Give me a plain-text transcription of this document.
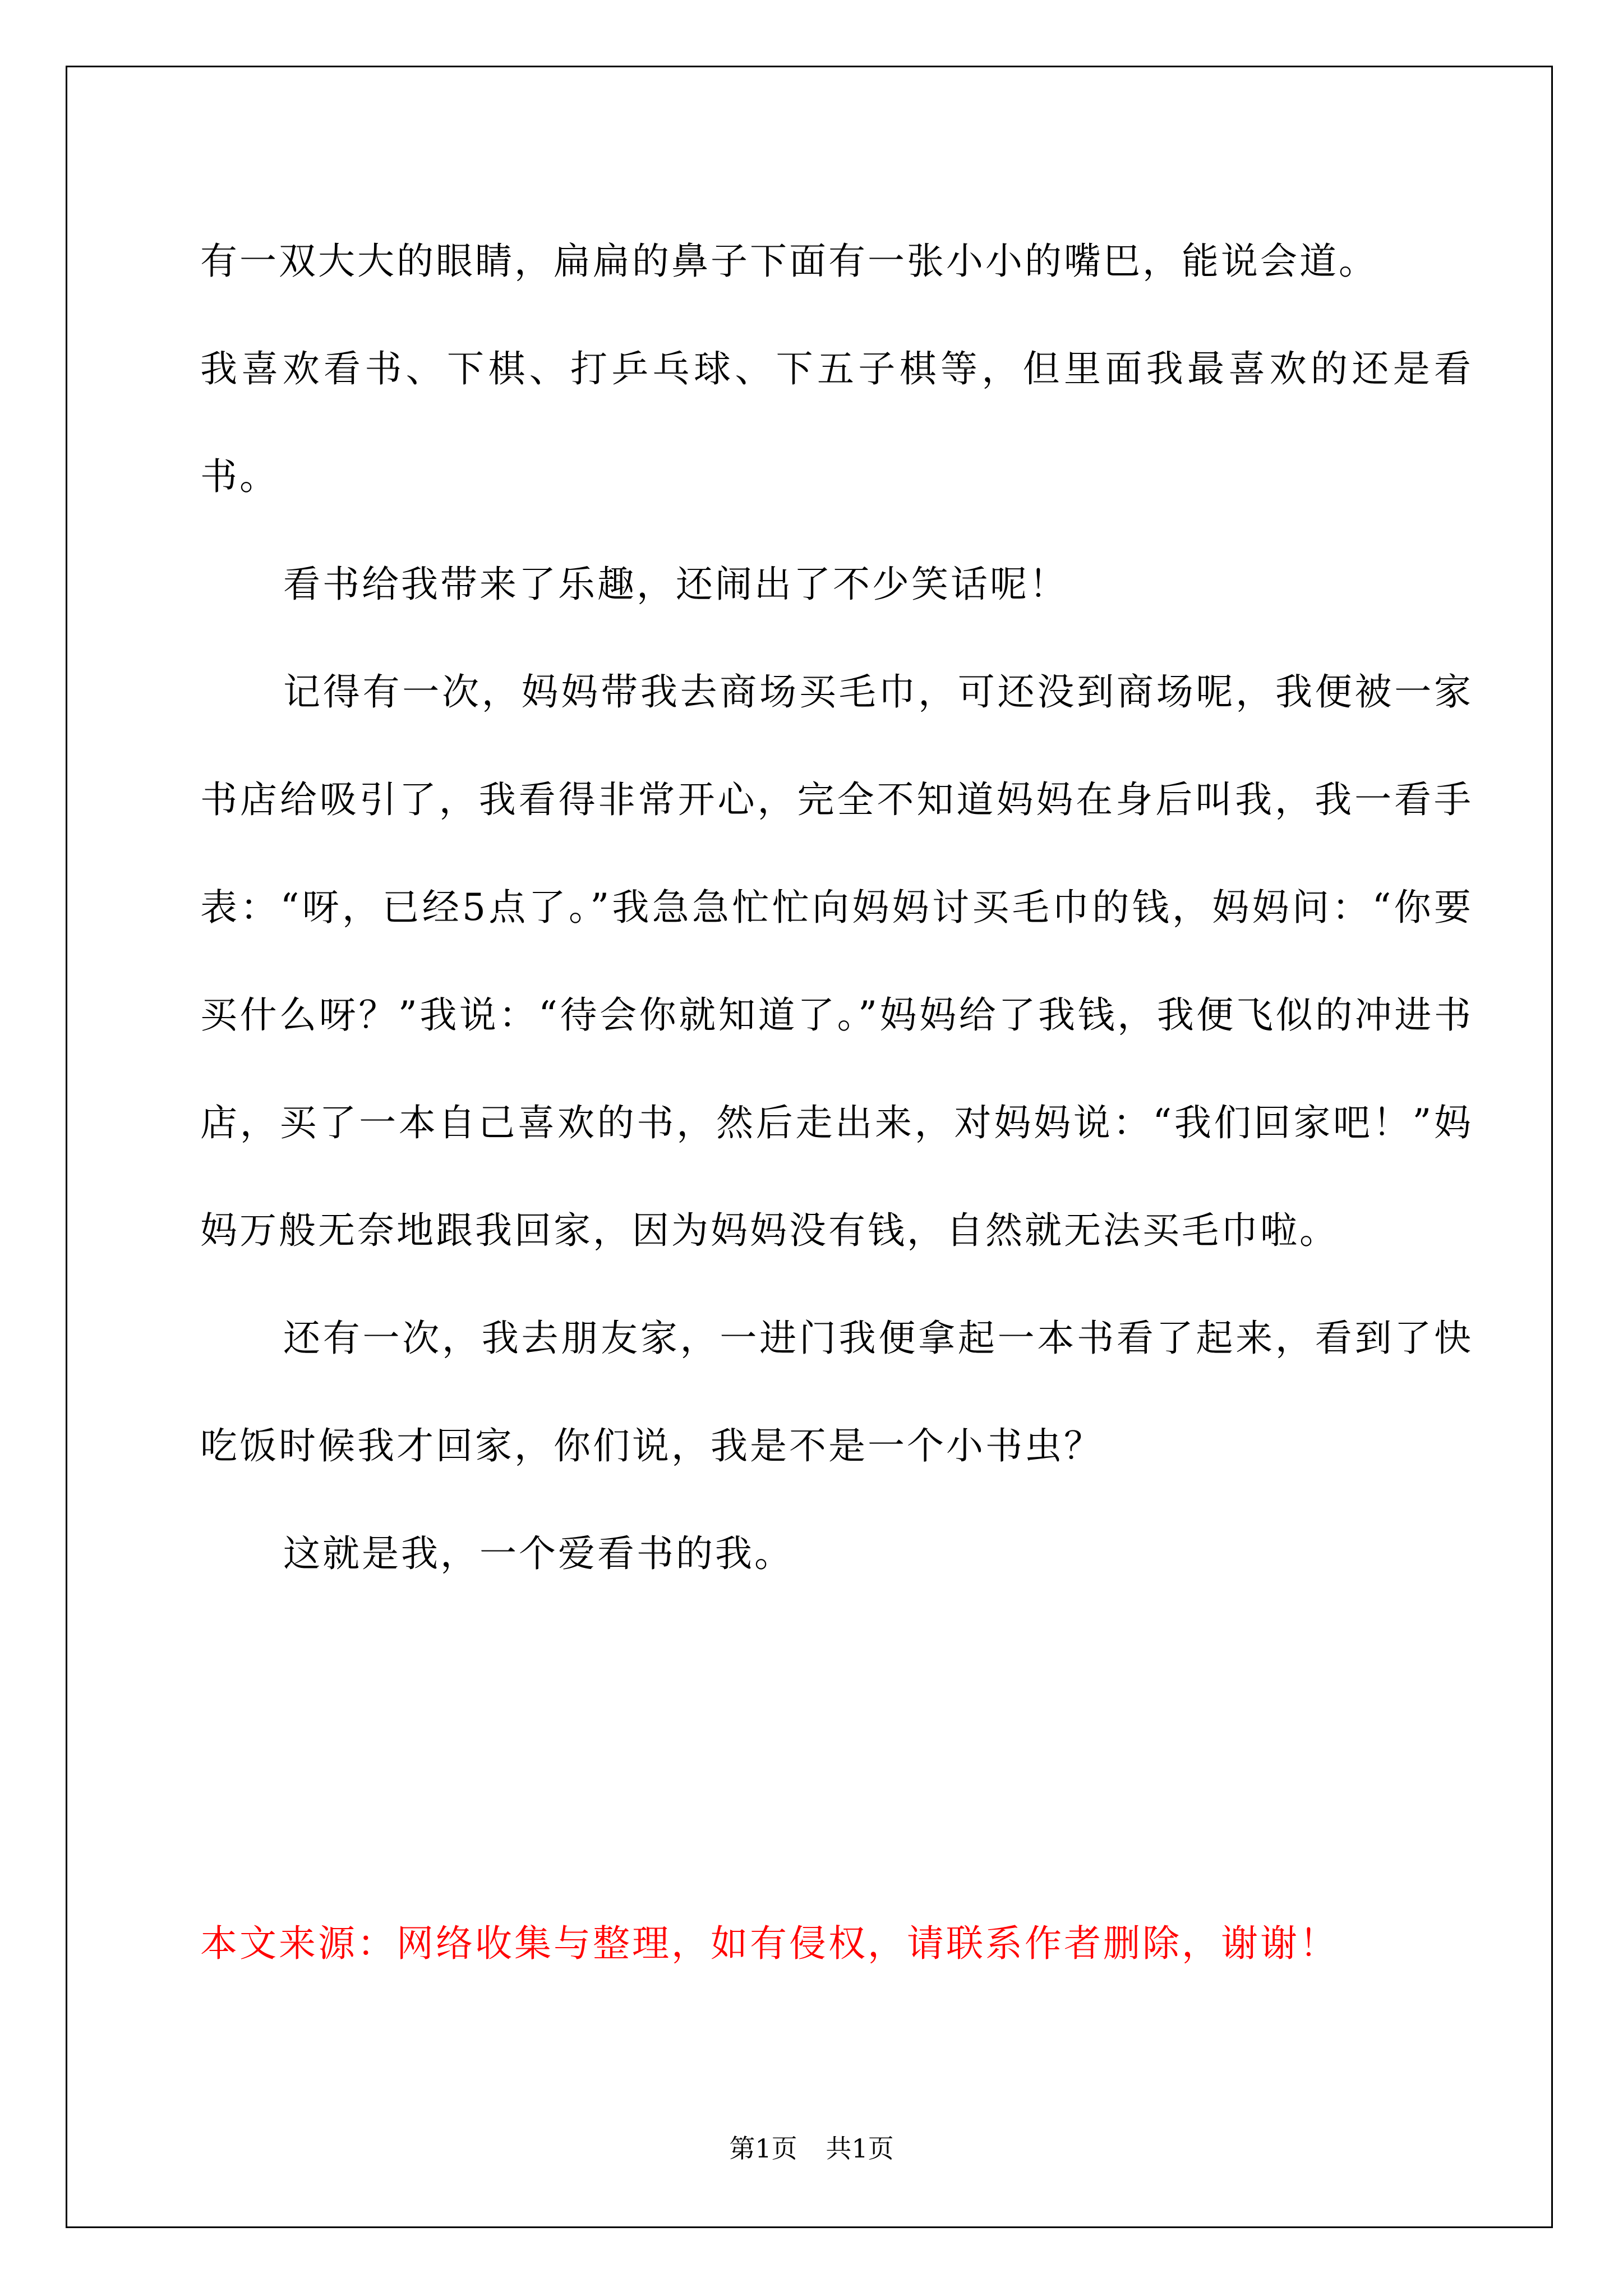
有一双大大的眼睛，扁扁的鼻子下面有一张小小的嘴巴，能说会道。

我喜欢看书、下棋、打乒乓球、下五子棋等，但里面我最喜欢的还是看书。

看书给我带来了乐趣，还闹出了不少笑话呢！

记得有一次，妈妈带我去商场买毛巾，可还没到商场呢，我便被一家书店给吸引了，我看得非常开心，完全不知道妈妈在身后叫我，我一看手表：“呀，已经5点了。”我急急忙忙向妈妈讨买毛巾的钱，妈妈问：“你要买什么呀？”我说：“待会你就知道了。”妈妈给了我钱，我便飞似的冲进书店，买了一本自己喜欢的书，然后走出来，对妈妈说：“我们回家吧！”妈妈万般无奈地跟我回家，因为妈妈没有钱，自然就无法买毛巾啦。

还有一次，我去朋友家，一进门我便拿起一本书看了起来，看到了快吃饭时候我才回家，你们说，我是不是一个小书虫？

这就是我，一个爱看书的我。

本文来源：网络收集与整理，如有侵权，请联系作者删除，谢谢！

第1页 共1页
